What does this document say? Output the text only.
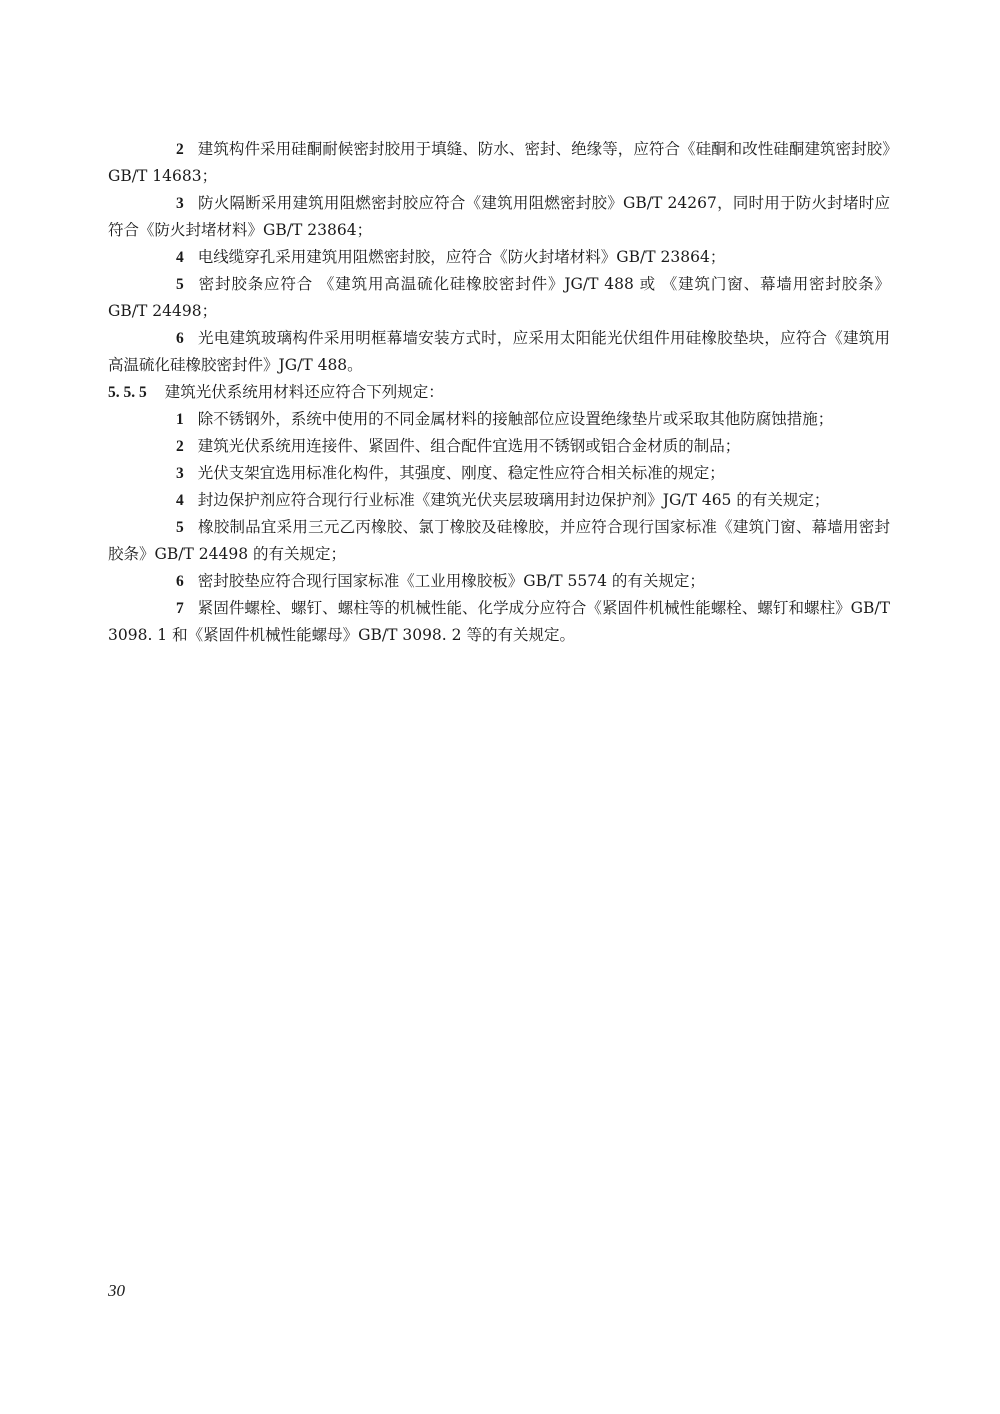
2 建筑构件采用硅酮耐候密封胶用于填缝、防水、密封、绝缘等，应符合《硅酮和改性硅酮建筑密封胶》GB/T 14683；

3 防火隔断采用建筑用阻燃密封胶应符合《建筑用阻燃密封胶》GB/T 24267，同时用于防火封堵时应符合《防火封堵材料》GB/T 23864；

4 电线缆穿孔采用建筑用阻燃密封胶，应符合《防火封堵材料》GB/T 23864；

5 密封胶条应符合 《建筑用高温硫化硅橡胶密封件》JG/T 488 或 《建筑门窗、幕墙用密封胶条》GB/T 24498；

6 光电建筑玻璃构件采用明框幕墙安装方式时，应采用太阳能光伏组件用硅橡胶垫块，应符合《建筑用高温硫化硅橡胶密封件》JG/T 488。

5. 5. 5 建筑光伏系统用材料还应符合下列规定：

1 除不锈钢外，系统中使用的不同金属材料的接触部位应设置绝缘垫片或采取其他防腐蚀措施；

2 建筑光伏系统用连接件、紧固件、组合配件宜选用不锈钢或铝合金材质的制品；

3 光伏支架宜选用标准化构件，其强度、刚度、稳定性应符合相关标准的规定；

4 封边保护剂应符合现行行业标准《建筑光伏夹层玻璃用封边保护剂》JG/T 465 的有关规定；

5 橡胶制品宜采用三元乙丙橡胶、氯丁橡胶及硅橡胶，并应符合现行国家标准《建筑门窗、幕墙用密封胶条》GB/T 24498 的有关规定；

6 密封胶垫应符合现行国家标准《工业用橡胶板》GB/T 5574 的有关规定；

7 紧固件螺栓、螺钉、螺柱等的机械性能、化学成分应符合《紧固件机械性能螺栓、螺钉和螺柱》GB/T 3098. 1 和《紧固件机械性能螺母》GB/T 3098. 2 等的有关规定。

30
